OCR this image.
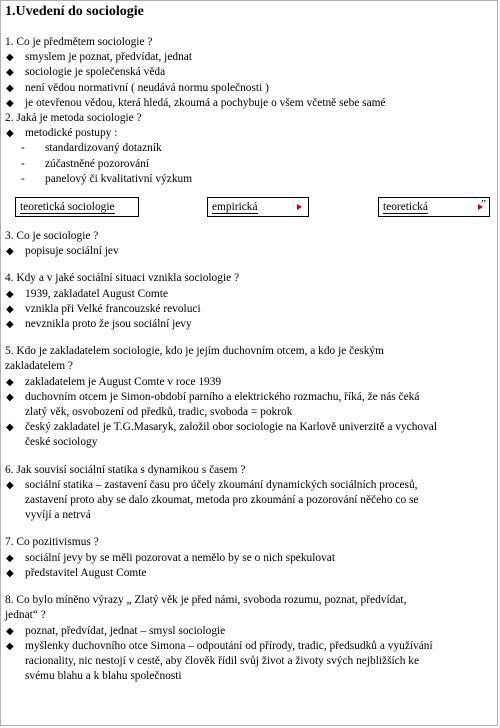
1.Uvedení do sociologie
1. Co je předmětem sociologie ?
◆ smyslem je poznat, předvídat, jednat
◆ sociologie je společenská věda
◆ není vědou normativní ( neudává normu společnosti )
◆ je otevřenou vědou, která hledá, zkoumá a pochybuje o všem včetně sebe samé
2. Jaká je metoda sociologie ?
◆ metodické postupy :
- standardizovaný dotazník
- zúčastněné pozorování
- panelový či kvalitativní výzkum
teoretická sociologie	empirická	teoretická	”
3. Co je sociologie ?
◆ popisuje sociální jev
4. Kdy a v jaké sociální situaci vznikla sociologie ?
◆ 1939, zakladatel August Comte
◆ vznikla při Velké francouzské revoluci
◆ nevznikla proto že jsou sociální jevy
5. Kdo je zakladatelem sociologie, kdo je jejím duchovním otcem, a kdo je českým
zakladatelem ?
◆ zakladatelem je August Comte v roce 1939
◆ duchovním otcem je Simon-období parního a elektrického rozmachu, říká, že nás čeká
zlatý věk, osvobození od předků, tradic, svoboda = pokrok
◆ český zakladatel je T.G.Masaryk, založil obor sociologie na Karlově univerzitě a vychoval
české sociology
6. Jak souvisí sociální statika s dynamikou s časem ?
◆ sociální statika – zastavení času pro účely zkoumání dynamických sociálních procesů,
zastavení proto aby se dalo zkoumat, metoda pro zkoumání a pozorování něčeho co se
vyvíjí a netrvá
7. Co pozitivismus ?
◆ sociální jevy by se měli pozorovat a nemělo by se o nich spekulovat
◆ představitel August Comte
8. Co bylo míněno výrazy „ Zlatý věk je před námi, svoboda rozumu, poznat, předvídat,
jednat“ ?
◆ poznat, předvídat, jednat – smysl sociologie
◆ myšlenky duchovního otce Simona – odpoutání od přírody, tradic, předsudků a využívání
racionality, nic nestojí v cestě, aby člověk řídil svůj život a životy svých nejbližších ke
svému blahu a k blahu společnosti
